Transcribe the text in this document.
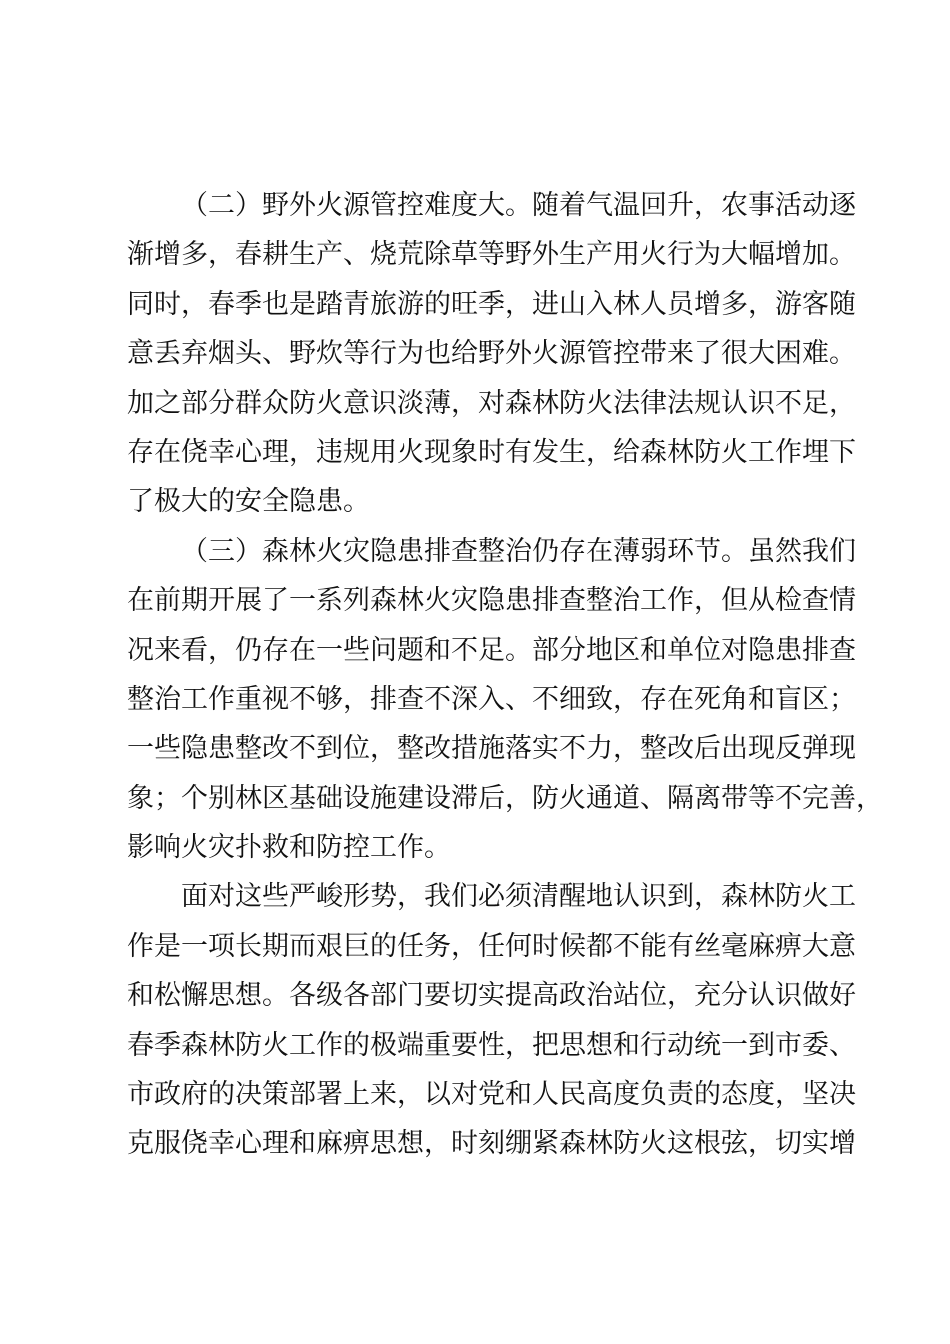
（二）野外火源管控难度大。随着气温回升，农事活动逐
渐增多，春耕生产、烧荒除草等野外生产用火行为大幅增加。
同时，春季也是踏青旅游的旺季，进山入林人员增多，游客随
意丢弃烟头、野炊等行为也给野外火源管控带来了很大困难。
加之部分群众防火意识淡薄，对森林防火法律法规认识不足，
存在侥幸心理，违规用火现象时有发生，给森林防火工作埋下
了极大的安全隐患。
（三）森林火灾隐患排查整治仍存在薄弱环节。虽然我们
在前期开展了一系列森林火灾隐患排查整治工作，但从检查情
况来看，仍存在一些问题和不足。部分地区和单位对隐患排查
整治工作重视不够，排查不深入、不细致，存在死角和盲区；
一些隐患整改不到位，整改措施落实不力，整改后出现反弹现
象；个别林区基础设施建设滞后，防火通道、隔离带等不完善，
影响火灾扑救和防控工作。
面对这些严峻形势，我们必须清醒地认识到，森林防火工
作是一项长期而艰巨的任务，任何时候都不能有丝毫麻痹大意
和松懈思想。各级各部门要切实提高政治站位，充分认识做好
春季森林防火工作的极端重要性，把思想和行动统一到市委、
市政府的决策部署上来，以对党和人民高度负责的态度，坚决
克服侥幸心理和麻痹思想，时刻绷紧森林防火这根弦，切实增
